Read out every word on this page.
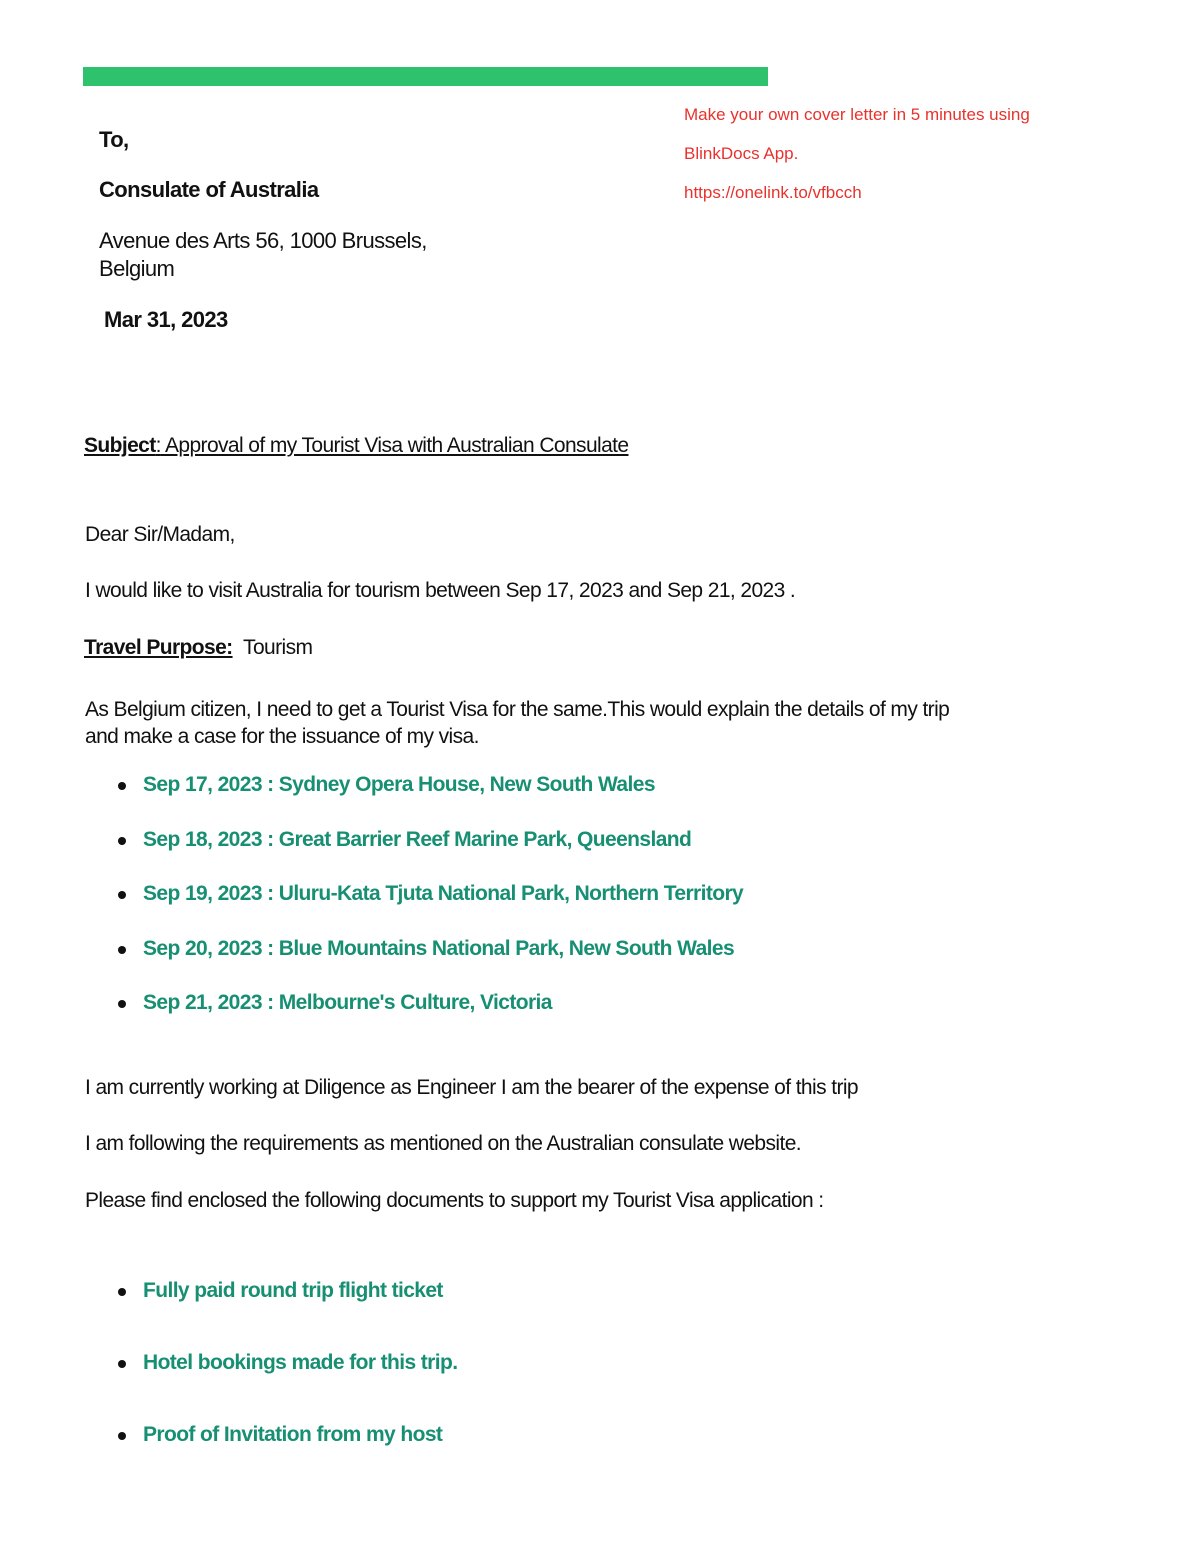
Make your own cover letter in 5 minutes using
BlinkDocs App.
https://onelink.to/vfbcch
To,
Consulate of Australia
Avenue des Arts 56, 1000 Brussels,
Belgium
Mar 31, 2023
Subject: Approval of my Tourist Visa with Australian Consulate
Dear Sir/Madam,
I would like to visit Australia for tourism between Sep 17, 2023 and Sep 21, 2023 .
Travel Purpose: Tourism
As Belgium citizen, I need to get a Tourist Visa for the same.This would explain the details of my trip
and make a case for the issuance of my visa.
Sep 17, 2023 : Sydney Opera House, New South Wales
Sep 18, 2023 : Great Barrier Reef Marine Park, Queensland
Sep 19, 2023 : Uluru-Kata Tjuta National Park, Northern Territory
Sep 20, 2023 : Blue Mountains National Park, New South Wales
Sep 21, 2023 : Melbourne's Culture, Victoria
I am currently working at Diligence as Engineer I am the bearer of the expense of this trip
I am following the requirements as mentioned on the Australian consulate website.
Please find enclosed the following documents to support my Tourist Visa application :
Fully paid round trip flight ticket
Hotel bookings made for this trip.
Proof of Invitation from my host
